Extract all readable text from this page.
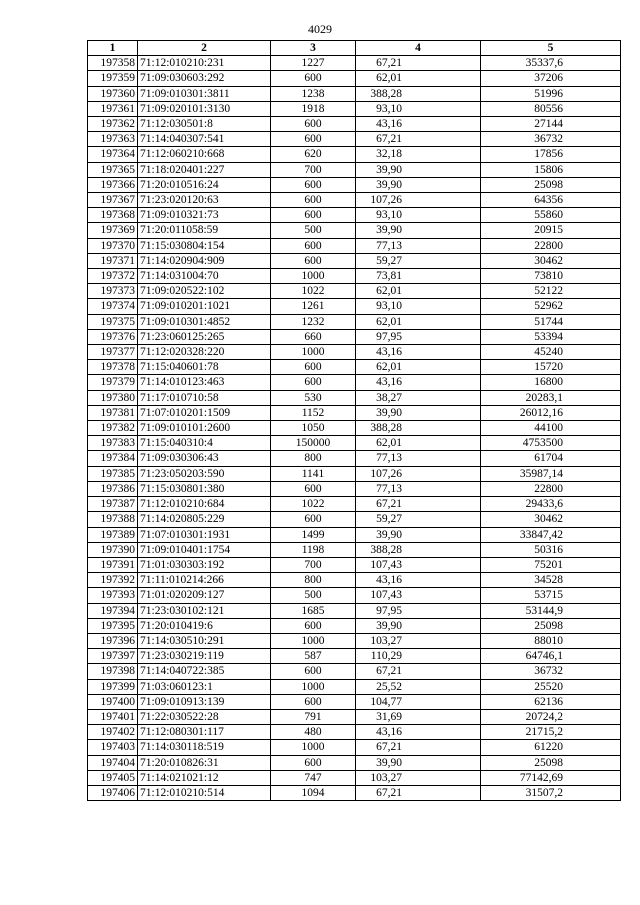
4029
1	2	3	4	5
197358	71:12:010210:231	1227	67,21	35337,6
197359	71:09:030603:292	600	62,01	37206
197360	71:09:010301:3811	1238	388,28	51996
197361	71:09:020101:3130	1918	93,10	80556
197362	71:12:030501:8	600	43,16	27144
197363	71:14:040307:541	600	67,21	36732
197364	71:12:060210:668	620	32,18	17856
197365	71:18:020401:227	700	39,90	15806
197366	71:20:010516:24	600	39,90	25098
197367	71:23:020120:63	600	107,26	64356
197368	71:09:010321:73	600	93,10	55860
197369	71:20:011058:59	500	39,90	20915
197370	71:15:030804:154	600	77,13	22800
197371	71:14:020904:909	600	59,27	30462
197372	71:14:031004:70	1000	73,81	73810
197373	71:09:020522:102	1022	62,01	52122
197374	71:09:010201:1021	1261	93,10	52962
197375	71:09:010301:4852	1232	62,01	51744
197376	71:23:060125:265	660	97,95	53394
197377	71:12:020328:220	1000	43,16	45240
197378	71:15:040601:78	600	62,01	15720
197379	71:14:010123:463	600	43,16	16800
197380	71:17:010710:58	530	38,27	20283,1
197381	71:07:010201:1509	1152	39,90	26012,16
197382	71:09:010101:2600	1050	388,28	44100
197383	71:15:040310:4	150000	62,01	4753500
197384	71:09:030306:43	800	77,13	61704
197385	71:23:050203:590	1141	107,26	35987,14
197386	71:15:030801:380	600	77,13	22800
197387	71:12:010210:684	1022	67,21	29433,6
197388	71:14:020805:229	600	59,27	30462
197389	71:07:010301:1931	1499	39,90	33847,42
197390	71:09:010401:1754	1198	388,28	50316
197391	71:01:030303:192	700	107,43	75201
197392	71:11:010214:266	800	43,16	34528
197393	71:01:020209:127	500	107,43	53715
197394	71:23:030102:121	1685	97,95	53144,9
197395	71:20:010419:6	600	39,90	25098
197396	71:14:030510:291	1000	103,27	88010
197397	71:23:030219:119	587	110,29	64746,1
197398	71:14:040722:385	600	67,21	36732
197399	71:03:060123:1	1000	25,52	25520
197400	71:09:010913:139	600	104,77	62136
197401	71:22:030522:28	791	31,69	20724,2
197402	71:12:080301:117	480	43,16	21715,2
197403	71:14:030118:519	1000	67,21	61220
197404	71:20:010826:31	600	39,90	25098
197405	71:14:021021:12	747	103,27	77142,69
197406	71:12:010210:514	1094	67,21	31507,2
